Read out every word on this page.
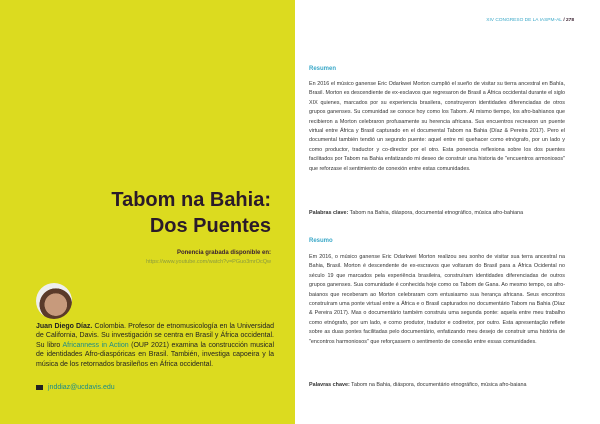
Tabom na Bahia:
Dos Puentes
Ponencia grabada disponible en:
https://www.youtube.com/watch?v=PGuo3mrOcQw
Juan Diego Díaz. Colombia. Profesor de etnomusicología en la Universidad de California, Davis. Su investigación se centra en Brasil y África occidental. Su libro Africanness in Action (OUP 2021) examina la construcción musical de identidades Afro-diaspóricas en Brasil. También, investiga capoeira y la música de los retornados brasileños en África occidental.
jnddiaz@ucdavis.edu
XIV CONGRESO DE LA IASPM-AL / 278
Resumen
En 2016 el músico ganense Eric Odarkwei Morton cumplió el sueño de visitar su tierra ancestral en Bahía, Brasil. Morton es descendiente de ex-esclavos que regresaron de Brasil a África occidental durante el siglo XIX quienes, marcados por su experiencia brasilera, construyeron identidades diferenciadas de otros grupos ganenses. Su comunidad se conoce hoy como los Tabom. Al mismo tiempo, los afro-bahianos que recibieron a Morton celebraron profusamente su herencia africana. Sus encuentros recrearon un puente virtual entre África y Brasil capturado en el documental Tabom na Bahia (Díaz & Pereira 2017). Pero el documental también tendió un segundo puente: aquel entre mi quehacer como etnógrafo, por un lado y como productor, traductor y co-director por el otro. Esta ponencia reflexiona sobre los dos puentes facilitados por Tabom na Bahia enfatizando mi deseo de construir una historia de "encuentros armoniosos" que reforzase el sentimiento de conexión entre estas comunidades.
Palabras clave: Tabom na Bahia, diáspora, documental etnográfico, música afro-bahiana
Resumo
Em 2016, o músico ganense Eric Odarkwei Morton realizou seu sonho de visitar sua terra ancestral na Bahia, Brasil. Morton é descendente de ex-escravos que voltaram do Brasil para a África Ocidental no século 19 que marcados pela experiência brasileira, construíram identidades diferenciadas de outros grupos ganenses. Sua comunidade é conhecida hoje como os Tabom de Gana. Ao mesmo tempo, os afro-baianos que receberam ao Morton celebraram com entusiasmo sua herança africana. Seus encontros construíram uma ponte virtual entre a África e o Brasil capturados no documentário Tabom na Bahia (Díaz & Pereira 2017). Mas o documentário também construiu uma segunda ponte: aquela entre meu trabalho como etnógrafo, por um lado, e como produtor, tradutor e codiretor, por outro. Esta apresentação reflete sobre as duas pontes facilitadas pelo documentário, enfatizando meu desejo de construir uma história de "encontros harmoniosos" que reforçassem o sentimento de conexão entre essas comunidades.
Palavras chave: Tabom na Bahia, diáspora, documentário etnográfico, música afro-baiana
